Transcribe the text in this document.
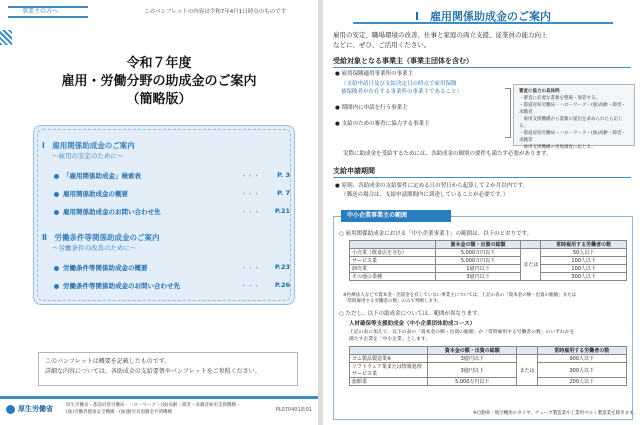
事業主の方へ	このパンフレットの内容は令和7年4月1日時点のものです
令和７年度
雇用・労働分野の助成金のご案内
（簡略版）
Ⅰ　雇用関係助成金のご案内
～雇用の安定のために～
「雇用関係助成金」検索表	・・・	P. 3
雇用関係助成金の概要	・・・	P. 7
雇用関係助成金のお問い合わせ先	・・・ P.21
Ⅱ　労働条件等関係助成金のご案内
～労働条件の改善のために～
労働条件等関係助成金の概要	・・・ P.23
労働条件等関係助成金のお問い合わせ先	・・・ P.26
このパンフレットは概要を記載したものです。
詳細な内容については、各助成金の支給要領やパンフレットをご参照ください。
厚生労働省	厚生労働省・都道府県労働局・ハローワーク・(独)高齢・障害・求職者雇用支援機構・
(独)労働者健康安全機構・(独)勤労者退職金共済機構	PL070401助01
Ⅰ　雇用関係助成金のご案内
雇用の安定、職場環境の改善、仕事と家庭の両立支援、従業員の能力向上
などに、ぜひ、ご活用ください。
受給対象となる事業主（事業主団体を含む）
● 雇用保険適用事業所の事業主
（支給申請日及び支給決定日の時点で雇用保険
被保険者が存在する事業所の事業主であること）
● 期間内に申請を行う事業主
● 支給のための審査に協力する事業主
審査に協力の具体例
・審査に必要な書類を整備・保管する。
・都道府県労働局・ハローワーク・(独)高齢・障害・求職者
　雇用支援機構から書類の提出を求められたら応じる。
・都道府県労働局・ハローワーク・(独)高齢・障害・求職者
　雇用支援機構の実地調査に応じる。
実際に助成金を受給するためには、各助成金の個別の要件も満たす必要があります。
支給申請期間
● 原則、各助成金の支給要件に定める日の翌日から起算して２か月以内です。
（郵送の場合は、支給申請期間内に到達していることが必要です。）
中小企業事業主の範囲
○ 雇用関係助成金における「中小企業事業主」の範囲は、以下のとおりです。
	資本金の額・出資の総額		常時雇用する労働者の数
小売業（飲食店を含む）	5,000万円以下	または	50人以下
サービス業	5,000万円以下		100人以下
卸売業	1億円以下		100人以下
その他の業種	3億円以下		300人以下
※医療法人などで資本金・出資金を有していない事業主については、上記の表の「資本金の額・出資の総額」または
「常時雇用する労働者の数」のみで判断します。
○ ただし、以下の助成金については、範囲が異なります。
人材確保等支援助成金（中小企業団体助成コース）
上記の表に加えて、以下の表の「資本金の額・出資の総額」か「常時雇用する労働者の数」のいずれかを
満たす企業を「中小企業」とします。
	資本金の額・出資の総額		常時雇用する労働者の数
ゴム製品製造業※	3億円以下	または	900人以下
ソフトウェア業または情報処理サービス業	3億円以下		300人以下
旅館業	5,000万円以下		200人以下
※自動車・航空機用のタイヤ、チューブ製造業や工業用ベルト製造業を除きます。
